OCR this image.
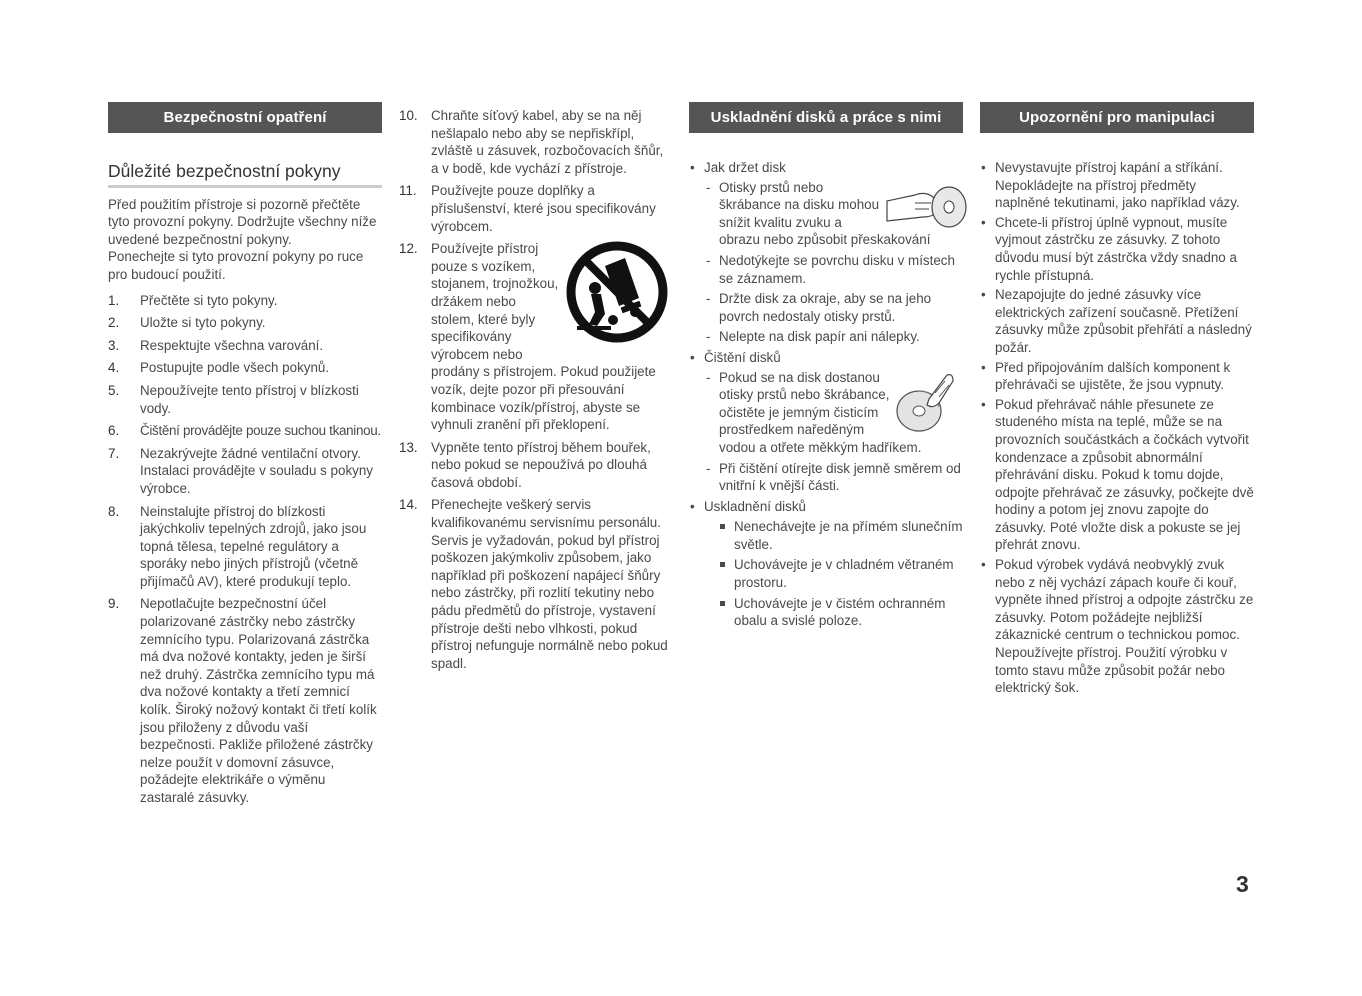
Bezpečnostní opatření
Důležité bezpečnostní pokyny

Před použitím přístroje si pozorně přečtěte tyto provozní pokyny. Dodržujte všechny níže uvedené bezpečnostní pokyny.

Ponechejte si tyto provozní pokyny po ruce pro budoucí použití.

1. Přečtěte si tyto pokyny.
2. Uložte si tyto pokyny.
3. Respektujte všechna varování.
4. Postupujte podle všech pokynů.
5. Nepoužívejte tento přístroj v blízkosti vody.
6. Čištění provádějte pouze suchou tkaninou.
7. Nezakrývejte žádné ventilační otvory. Instalaci provádějte v souladu s pokyny výrobce.
8. Neinstalujte přístroj do blízkosti jakýchkoliv tepelných zdrojů, jako jsou topná tělesa, tepelné regulátory a sporáky nebo jiných přístrojů (včetně přijímačů AV), které produkují teplo.
9. Nepotlačujte bezpečnostní účel polarizované zástrčky nebo zástrčky zemnícího typu. Polarizovaná zástrčka má dva nožové kontakty, jeden je širší než druhý. Zástrčka zemnícího typu má dva nožové kontakty a třetí zemnicí kolík. Široký nožový kontakt či třetí kolík jsou přiloženy z důvodu vaší bezpečnosti. Pakliže přiložené zástrčky nelze použít v domovní zásuvce, požádejte elektrikáře o výměnu zastaralé zásuvky.
10. Chraňte síťový kabel, aby se na něj nešlapalo nebo aby se nepřiskřípl, zvláště u zásuvek, rozbočovacích šňůr, a v bodě, kde vychází z přístroje.
11. Používejte pouze doplňky a příslušenství, které jsou specifikovány výrobcem.
12. Používejte přístroj pouze s vozíkem, stojanem, trojnožkou, držákem nebo stolem, které byly specifikovány výrobcem nebo prodány s přístrojem. Pokud použijete vozík, dejte pozor při přesouvání kombinace vozík/přístroj, abyste se vyhnuli zranění při překlopení.
13. Vypněte tento přístroj během bouřek, nebo pokud se nepoužívá po dlouhá časová období.
14. Přenechejte veškerý servis kvalifikovanému servisnímu personálu. Servis je vyžadován, pokud byl přístroj poškozen jakýmkoliv způsobem, jako například při poškození napájecí šňůry nebo zástrčky, při rozlití tekutiny nebo pádu předmětů do přístroje, vystavení přístroje dešti nebo vlhkosti, pokud přístroj nefunguje normálně nebo pokud spadl.
Uskladnění disků a práce s nimi
• Jak držet disk
- Otisky prstů nebo škrábance na disku mohou snížit kvalitu zvuku a obrazu nebo způsobit přeskakování
- Nedotýkejte se povrchu disku v místech se záznamem.
- Držte disk za okraje, aby se na jeho povrch nedostaly otisky prstů.
- Nelepte na disk papír ani nálepky.
• Čištění disků
- Pokud se na disk dostanou otisky prstů nebo škrábance, očistěte je jemným čisticím prostředkem naředěným vodou a otřete měkkým hadříkem.
- Při čištění otírejte disk jemně směrem od vnitřní k vnější části.
• Uskladnění disků
Nenechávejte je na přímém slunečním světle.
Uchovávejte je v chladném větraném prostoru.
Uchovávejte je v čistém ochranném obalu a svislé poloze.
Upozornění pro manipulaci
• Nevystavujte přístroj kapání a stříkání. Nepokládejte na přístroj předměty naplněné tekutinami, jako například vázy.
• Chcete-li přístroj úplně vypnout, musíte vyjmout zástrčku ze zásuvky. Z tohoto důvodu musí být zástrčka vždy snadno a rychle přístupná.
• Nezapojujte do jedné zásuvky více elektrických zařízení současně. Přetížení zásuvky může způsobit přehřátí a následný požár.
• Před připojováním dalších komponent k přehrávači se ujistěte, že jsou vypnuty.
• Pokud přehrávač náhle přesunete ze studeného místa na teplé, může se na provozních součástkách a čočkách vytvořit kondenzace a způsobit abnormální přehrávání disku. Pokud k tomu dojde, odpojte přehrávač ze zásuvky, počkejte dvě hodiny a potom jej znovu zapojte do zásuvky. Poté vložte disk a pokuste se jej přehrát znovu.
• Pokud výrobek vydává neobvyklý zvuk nebo z něj vychází zápach kouře či kouř, vypněte ihned přístroj a odpojte zástrčku ze zásuvky. Potom požádejte nejbližší zákaznické centrum o technickou pomoc. Nepoužívejte přístroj. Použití výrobku v tomto stavu může způsobit požár nebo elektrický šok.
3
